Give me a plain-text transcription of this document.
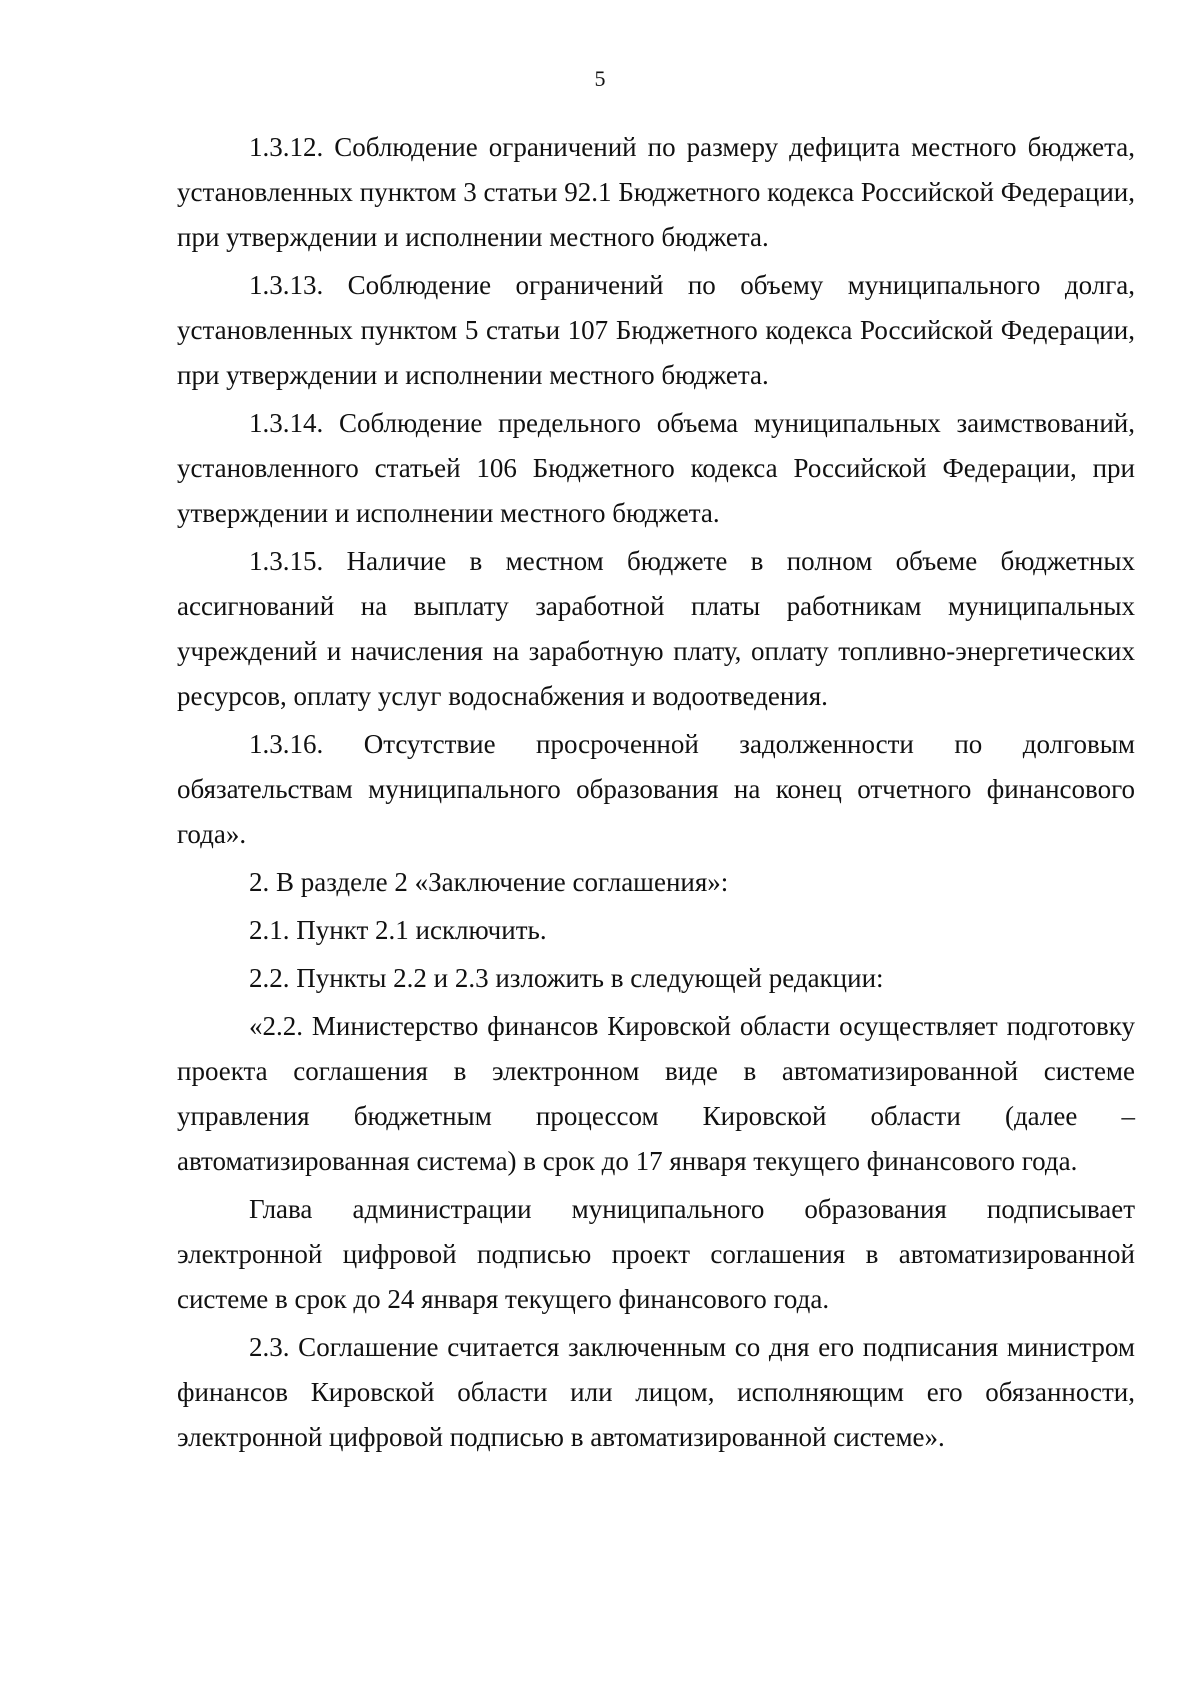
5

1.3.12. Соблюдение ограничений по размеру дефицита местного бюджета, установленных пунктом 3 статьи 92.1 Бюджетного кодекса Российской Федерации, при утверждении и исполнении местного бюджета.

1.3.13. Соблюдение ограничений по объему муниципального долга, установленных пунктом 5 статьи 107 Бюджетного кодекса Российской Федерации, при утверждении и исполнении местного бюджета.

1.3.14. Соблюдение предельного объема муниципальных заимствований, установленного статьей 106 Бюджетного кодекса Российской Федерации, при утверждении и исполнении местного бюджета.

1.3.15. Наличие в местном бюджете в полном объеме бюджетных ассигнований на выплату заработной платы работникам муниципальных учреждений и начисления на заработную плату, оплату топливно-энергетических ресурсов, оплату услуг водоснабжения и водоотведения.

1.3.16. Отсутствие просроченной задолженности по долговым обязательствам муниципального образования на конец отчетного финансового года».

2. В разделе 2 «Заключение соглашения»:

2.1. Пункт 2.1 исключить.

2.2. Пункты 2.2 и 2.3 изложить в следующей редакции:

«2.2. Министерство финансов Кировской области осуществляет подготовку проекта соглашения в электронном виде в автоматизированной системе управления бюджетным процессом Кировской области (далее – автоматизированная система) в срок до 17 января текущего финансового года.

Глава администрации муниципального образования подписывает электронной цифровой подписью проект соглашения в автоматизированной системе в срок до 24 января текущего финансового года.

2.3. Соглашение считается заключенным со дня его подписания министром финансов Кировской области или лицом, исполняющим его обязанности, электронной цифровой подписью в автоматизированной системе».
